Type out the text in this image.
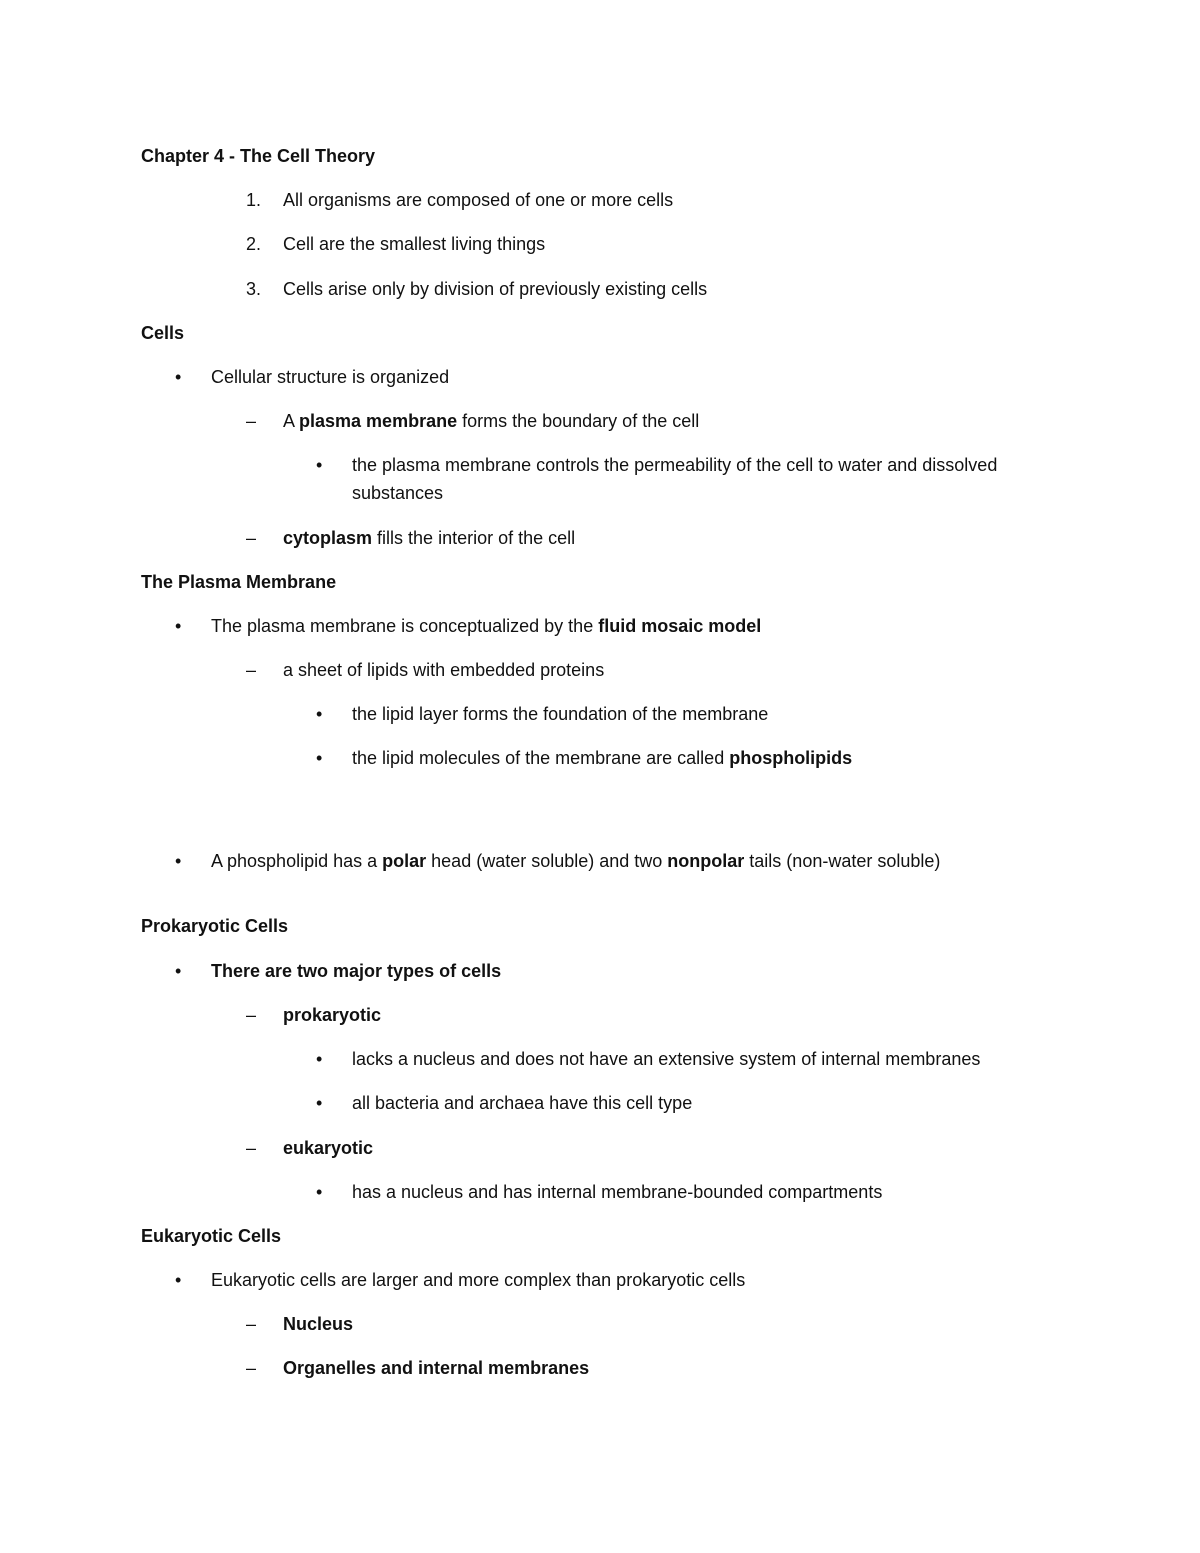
Chapter 4 - The Cell Theory
1. All organisms are composed of one or more cells
2. Cell are the smallest living things
3. Cells arise only by division of previously existing cells
Cells
• Cellular structure is organized
– A plasma membrane forms the boundary of the cell
• the plasma membrane controls the permeability of the cell to water and dissolved substances
– cytoplasm fills the interior of the cell
The Plasma Membrane
• The plasma membrane is conceptualized by the fluid mosaic model
– a sheet of lipids with embedded proteins
• the lipid layer forms the foundation of the membrane
• the lipid molecules of the membrane are called phospholipids
• A phospholipid has a polar head (water soluble) and two nonpolar tails (non-water soluble)
Prokaryotic Cells
• There are two major types of cells
– prokaryotic
• lacks a nucleus and does not have an extensive system of internal membranes
• all bacteria and archaea have this cell type
– eukaryotic
• has a nucleus and has internal membrane-bounded compartments
Eukaryotic Cells
• Eukaryotic cells are larger and more complex than prokaryotic cells
– Nucleus
– Organelles and internal membranes
